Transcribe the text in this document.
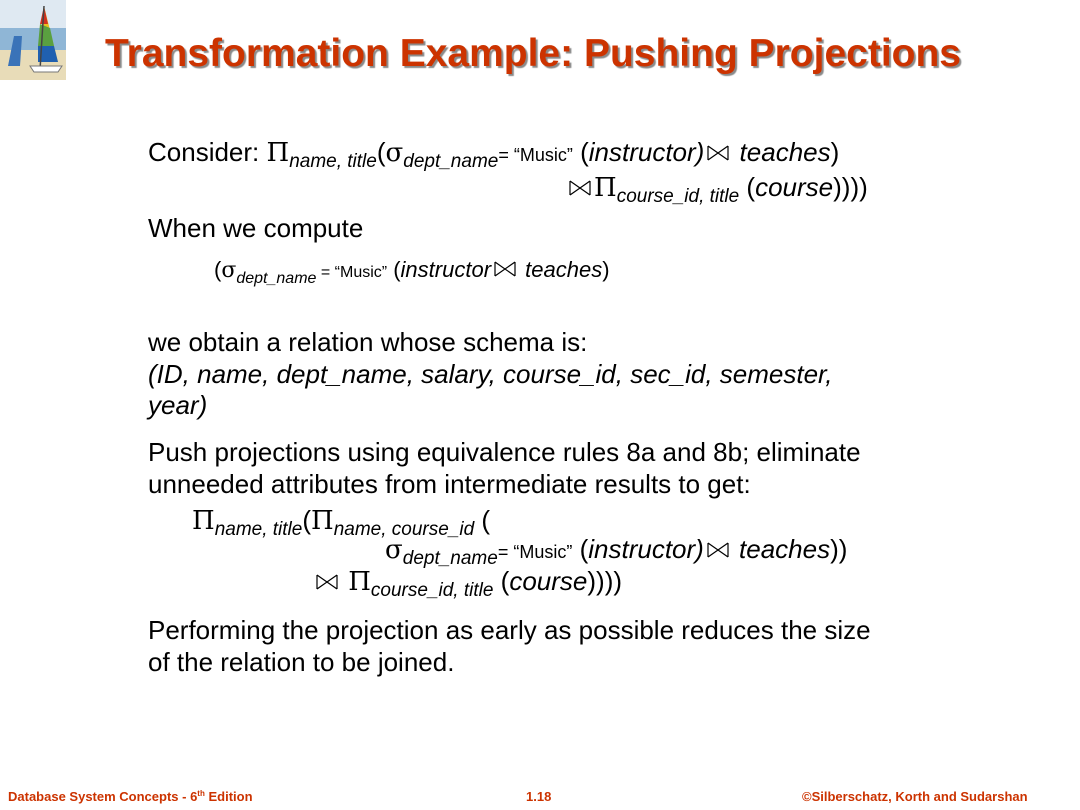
Transformation Example: Pushing Projections
Consider: $\Pi_{name, title}(\sigma_{dept\_name}=$ “Music” (instructor) teaches)
$\Pi_{course\_id, title}$ (course))))
When we compute
($\sigma_{dept\_name}$ = “Music” (instructor teaches)
we obtain a relation whose schema is:
(ID, name, dept_name, salary, course_id, sec_id, semester,
year)
Push projections using equivalence rules 8a and 8b; eliminate
unneeded attributes from intermediate results to get:
$\Pi_{name, title}(\Pi_{name, course\_id}$ (
$\sigma_{dept\_name}=$ “Music” (instructor) teaches))
$\Pi_{course\_id, title}$ (course))))
Performing the projection as early as possible reduces the size
of the relation to be joined.
Database System Concepts - 6th Edition	1.18	©Silberschatz, Korth and Sudarshan
